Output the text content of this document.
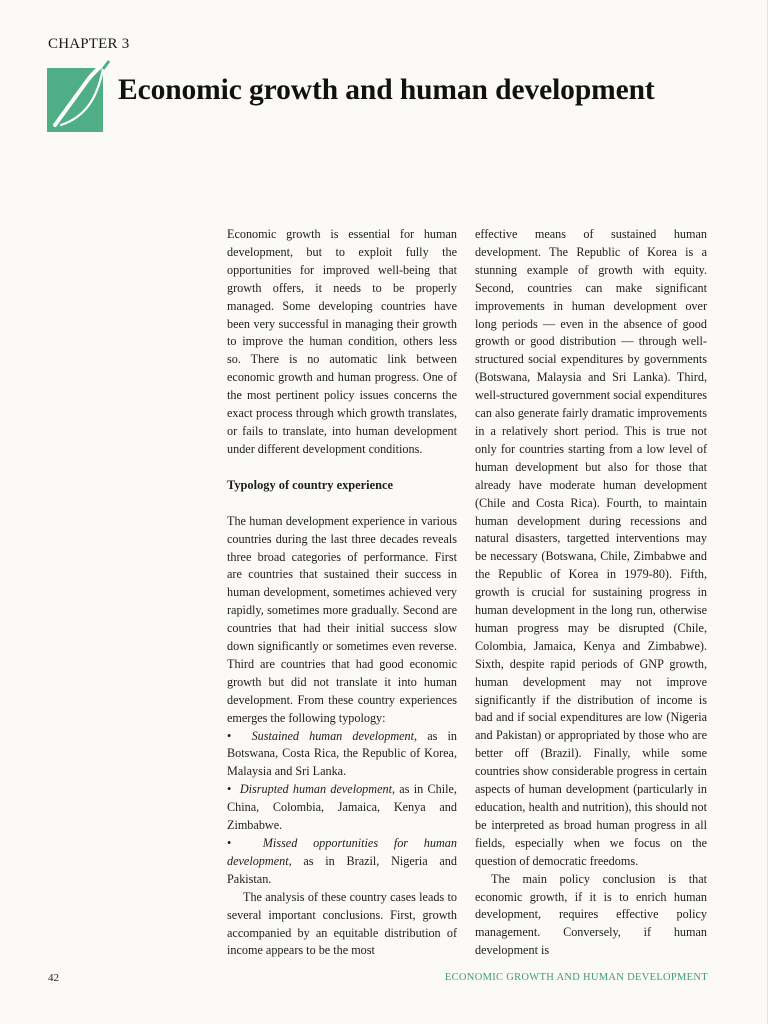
CHAPTER 3
Economic growth and human development

Economic growth is essential for human development, but to exploit fully the opportunities for improved well-being that growth offers, it needs to be properly managed. Some developing countries have been very successful in managing their growth to improve the human condition, others less so. There is no automatic link between economic growth and human progress. One of the most pertinent policy issues concerns the exact process through which growth translates, or fails to translate, into human development under different development conditions.

Typology of country experience

The human development experience in various countries during the last three decades reveals three broad categories of performance. First are countries that sustained their success in human development, sometimes achieved very rapidly, sometimes more gradually. Second are countries that had their initial success slow down significantly or sometimes even reverse. Third are countries that had good economic growth but did not translate it into human development. From these country experiences emerges the following typology:

•  Sustained human development, as in Botswana, Costa Rica, the Republic of Korea, Malaysia and Sri Lanka.

•  Disrupted human development, as in Chile, China, Colombia, Jamaica, Kenya and Zimbabwe.

•  Missed opportunities for human development, as in Brazil, Nigeria and Pakistan.

The analysis of these country cases leads to several important conclusions. First, growth accompanied by an equitable distribution of income appears to be the most

effective means of sustained human development. The Republic of Korea is a stunning example of growth with equity. Second, countries can make significant improvements in human development over long periods — even in the absence of good growth or good distribution — through well-structured social expenditures by governments (Botswana, Malaysia and Sri Lanka). Third, well-structured government social expenditures can also generate fairly dramatic improvements in a relatively short period. This is true not only for countries starting from a low level of human development but also for those that already have moderate human development (Chile and Costa Rica). Fourth, to maintain human development during recessions and natural disasters, targetted interventions may be necessary (Botswana, Chile, Zimbabwe and the Republic of Korea in 1979-80). Fifth, growth is crucial for sustaining progress in human development in the long run, otherwise human progress may be disrupted (Chile, Colombia, Jamaica, Kenya and Zimbabwe). Sixth, despite rapid periods of GNP growth, human development may not improve significantly if the distribution of income is bad and if social expenditures are low (Nigeria and Pakistan) or appropriated by those who are better off (Brazil). Finally, while some countries show considerable progress in certain aspects of human development (particularly in education, health and nutrition), this should not be interpreted as broad human progress in all fields, especially when we focus on the question of democratic freedoms.

The main policy conclusion is that economic growth, if it is to enrich human development, requires effective policy management. Conversely, if human development is

42	ECONOMIC GROWTH AND HUMAN DEVELOPMENT
